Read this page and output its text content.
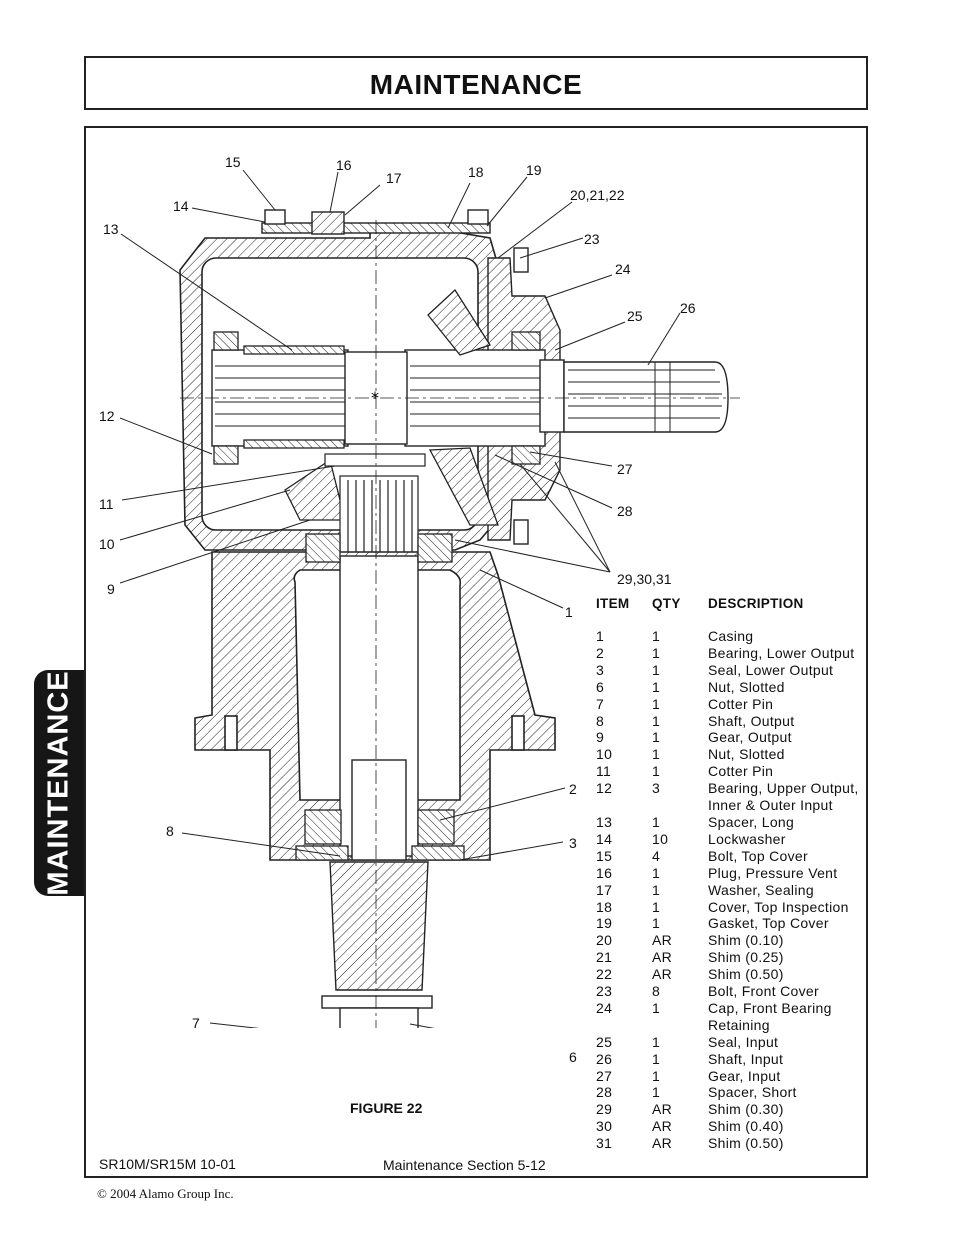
MAINTENANCE
MAINTENANCE
*
15	16
17	18	19
14
20,21,22
13
23
24
26
25
12
27
11	28
10
29,30,31
9
1
2
8
3
7
6
ITEM QTY DESCRIPTION
1	1	Casing
2	1	Bearing, Lower Output
3	1	Seal, Lower Output
6	1	Nut, Slotted
7	1	Cotter Pin
8	1	Shaft, Output
9	1	Gear, Output
10	1	Nut, Slotted
11	1	Cotter Pin
12	3	Bearing, Upper Output,
		Inner & Outer Input
13	1	Spacer, Long
14	10	Lockwasher
15	4	Bolt, Top Cover
16	1	Plug, Pressure Vent
17	1	Washer, Sealing
18	1	Cover, Top Inspection
19	1	Gasket, Top Cover
20	AR	Shim (0.10)
21	AR	Shim (0.25)
22	AR	Shim (0.50)
23	8	Bolt, Front Cover
24	1	Cap, Front Bearing
		Retaining
25	1	Seal, Input
26	1	Shaft, Input
27	1	Gear, Input
28	1	Spacer, Short
29	AR	Shim (0.30)
30	AR	Shim (0.40)
31	AR	Shim (0.50)
FIGURE 22
SR10M/SR15M 10-01	Maintenance Section 5-12
© 2004 Alamo Group Inc.
